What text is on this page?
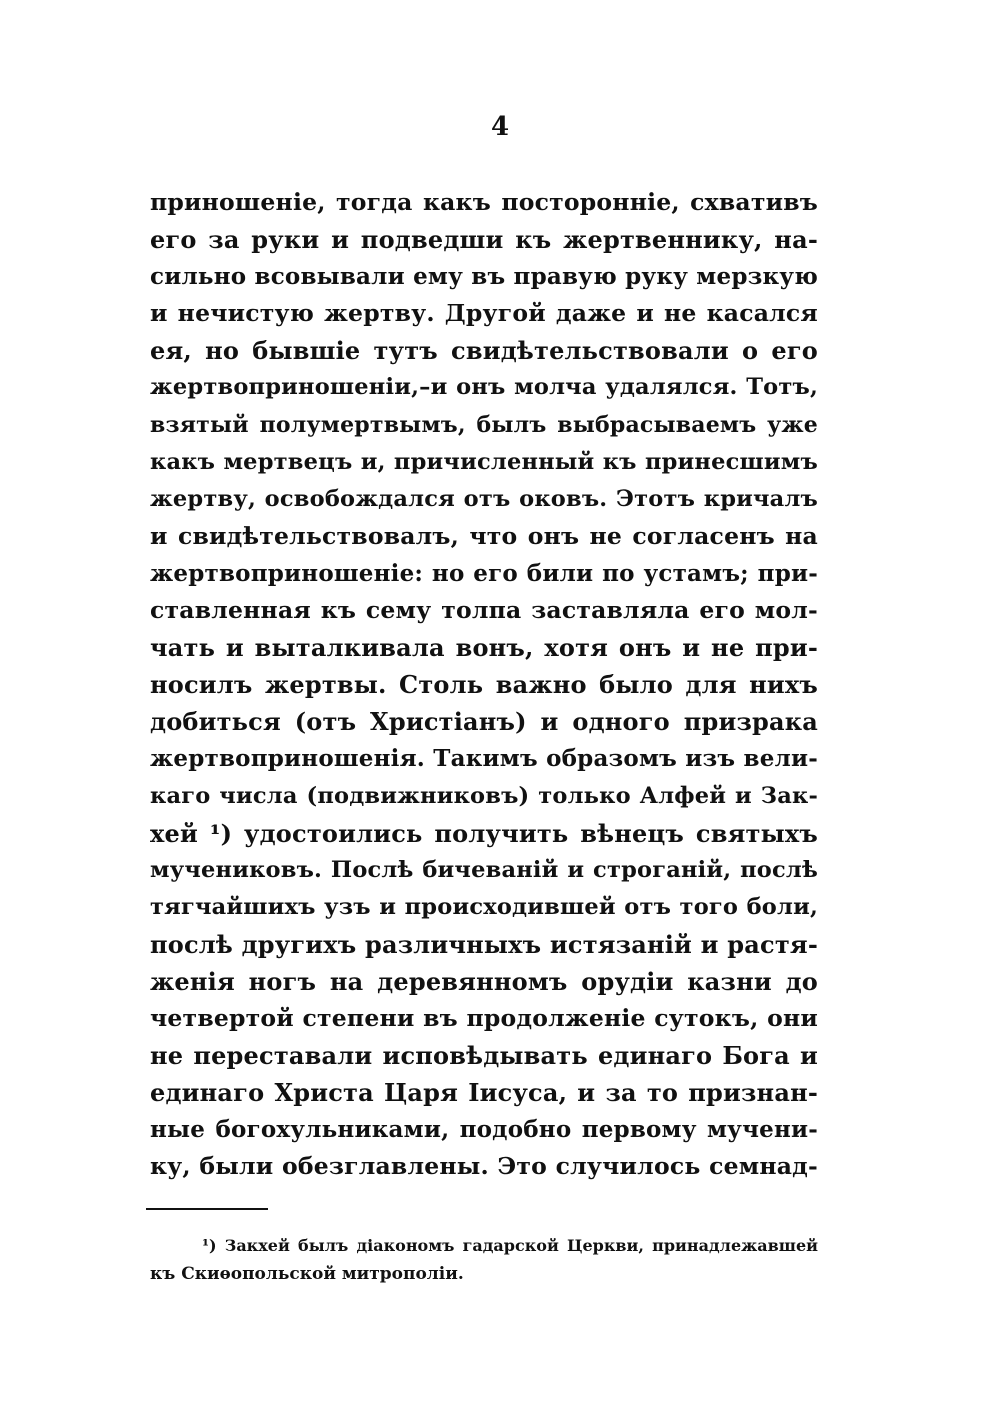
4
приношеніе, тогда какъ посторонніе, схвативъ
его за руки и подведши къ жертвеннику, на-
сильно всовывали ему въ правую руку мерзкую
и нечистую жертву. Другой даже и не касался
ея, но бывшіе тутъ свидѣтельствовали о его
жертвоприношеніи,–и онъ молча удалялся. Тотъ,
взятый полумертвымъ, былъ выбрасываемъ уже
какъ мертвецъ и, причисленный къ принесшимъ
жертву, освобождался отъ оковъ. Этотъ кричалъ
и свидѣтельствовалъ, что онъ не согласенъ на
жертвоприношеніе: но его били по устамъ; при-
ставленная къ сему толпа заставляла его мол-
чать и выталкивала вонъ, хотя онъ и не при-
носилъ жертвы. Столь важно было для нихъ
добиться (отъ Христіанъ) и одного призрака
жертвоприношенія. Такимъ образомъ изъ вели-
каго числа (подвижниковъ) только Алфей и Зак-
хей ¹) удостоились получить вѣнецъ святыхъ
мучениковъ. Послѣ бичеваній и строганій, послѣ
тягчайшихъ узъ и происходившей отъ того боли,
послѣ другихъ различныхъ истязаній и растя-
женія ногъ на деревянномъ орудіи казни до
четвертой степени въ продолженіе сутокъ, они
не переставали исповѣдывать единаго Бога и
единаго Христа Царя Іисуса, и за то признан-
ные богохульниками, подобно первому мучени-
ку, были обезглавлены. Это случилось семнад-
¹) Закхей былъ діакономъ гадарской Церкви, принадлежавшей
къ Скиѳопольской митрополіи.
